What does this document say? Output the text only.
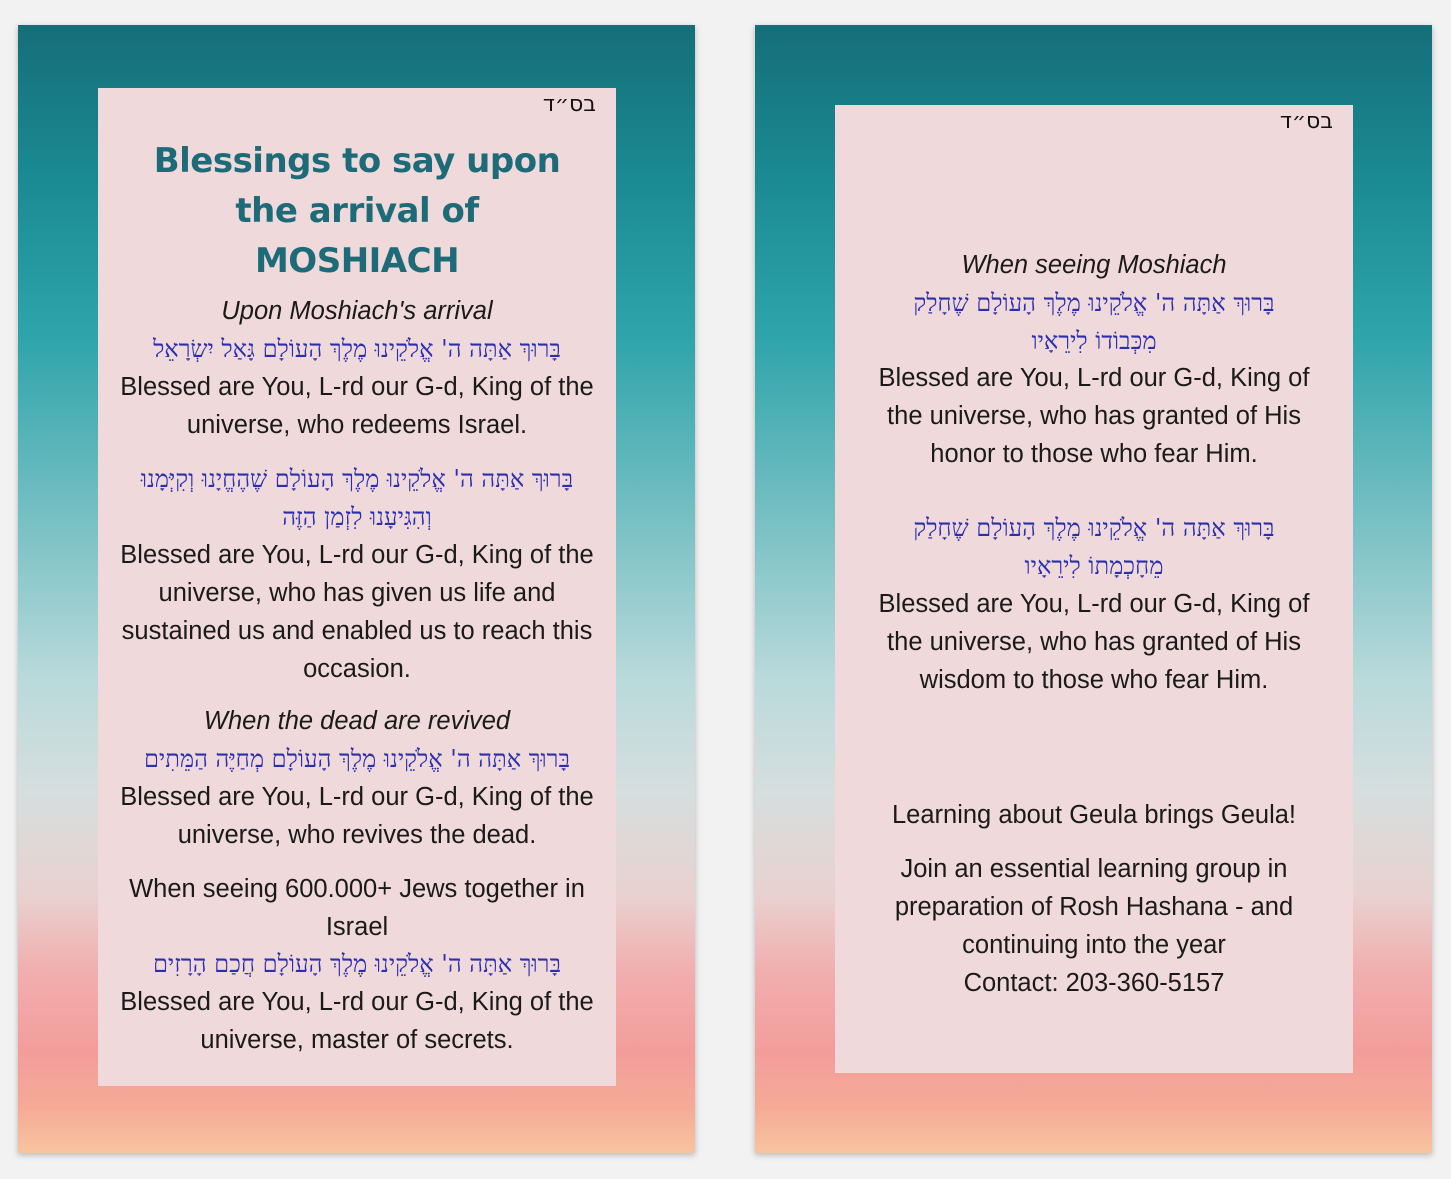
בס״ד
Blessings to say upon
the arrival of
MOSHIACH
Upon Moshiach's arrival
בָּרוּךְ אַתָּה ה' אֱלֹקֵינוּ מֶלֶךְ הָעוֹלָם גָּאַל יִשְׂרָאֵל
Blessed are You, L-rd our G-d, King of the
universe, who redeems Israel.
בָּרוּךְ אַתָּה ה' אֱלֹקֵינוּ מֶלֶךְ הָעוֹלָם שֶׁהֶחֱיָנוּ וְקִיְּמָנוּ
וְהִגִּיעָנוּ לִזְמַן הַזֶּה
Blessed are You, L-rd our G-d, King of the
universe, who has given us life and
sustained us and enabled us to reach this
occasion.
When the dead are revived
בָּרוּךְ אַתָּה ה' אֱלֹקֵינוּ מֶלֶךְ הָעוֹלָם מְחַיֶּה הַמֵּתִים
Blessed are You, L-rd our G-d, King of the
universe, who revives the dead.
When seeing 600.000+ Jews together in
Israel
בָּרוּךְ אַתָּה ה' אֱלֹקֵינוּ מֶלֶךְ הָעוֹלָם חֲכַם הָרָזִים
Blessed are You, L-rd our G-d, King of the
universe, master of secrets.
בס״ד
When seeing Moshiach
בָּרוּךְ אַתָּה ה' אֱלֹקֵינוּ מֶלֶךְ הָעוֹלָם שֶׁחָלַק
מִכְּבוֹדוֹ לִירֵאָיו
Blessed are You, L-rd our G-d, King of
the universe, who has granted of His
honor to those who fear Him.
בָּרוּךְ אַתָּה ה' אֱלֹקֵינוּ מֶלֶךְ הָעוֹלָם שֶׁחָלַק
מֵחָכְמָתוֹ לִירֵאָיו
Blessed are You, L-rd our G-d, King of
the universe, who has granted of His
wisdom to those who fear Him.
Learning about Geula brings Geula!
Join an essential learning group in
preparation of Rosh Hashana - and
continuing into the year
Contact: 203-360-5157
